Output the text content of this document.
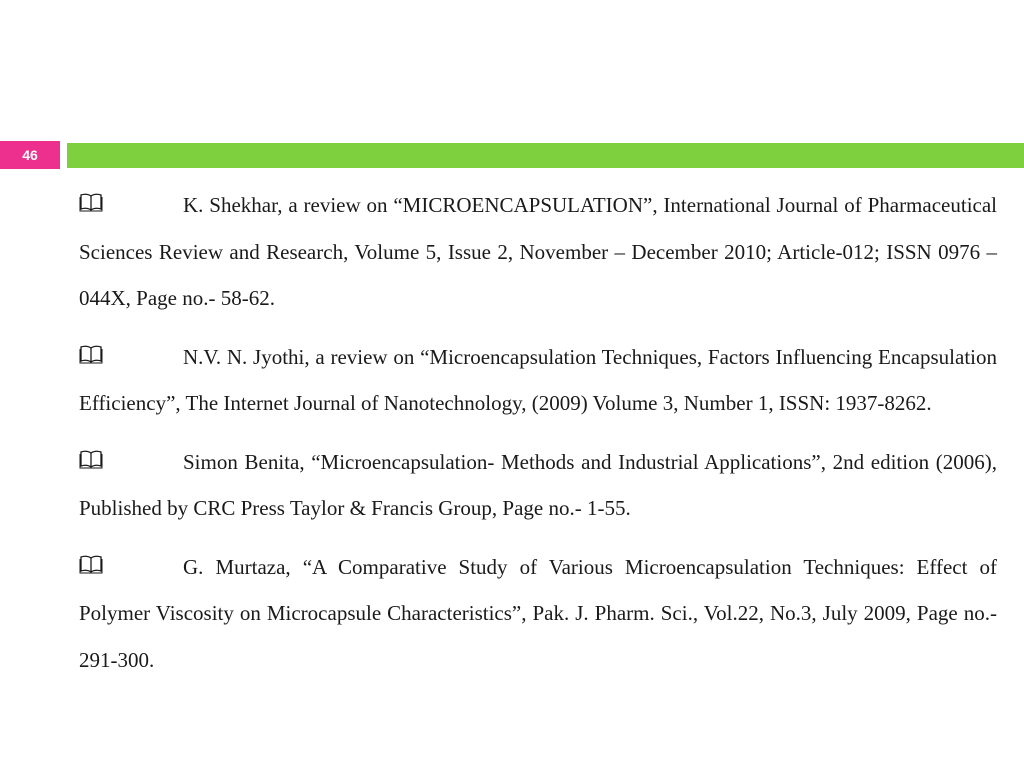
46
K. Shekhar, a review on “MICROENCAPSULATION”, International Journal of Pharmaceutical Sciences Review and Research, Volume 5, Issue 2, November – December 2010; Article-012; ISSN 0976 – 044X, Page no.- 58-62.
N.V. N. Jyothi, a review on “Microencapsulation Techniques, Factors Influencing Encapsulation Efficiency”, The Internet Journal of Nanotechnology, (2009) Volume 3, Number 1, ISSN: 1937-8262.
Simon Benita, “Microencapsulation- Methods and Industrial Applications”, 2nd edition (2006), Published by CRC Press Taylor & Francis Group, Page no.- 1-55.
G. Murtaza, “A Comparative Study of Various Microencapsulation Techniques: Effect of Polymer Viscosity on Microcapsule Characteristics”, Pak. J. Pharm. Sci., Vol.22, No.3, July 2009, Page no.- 291-300.
